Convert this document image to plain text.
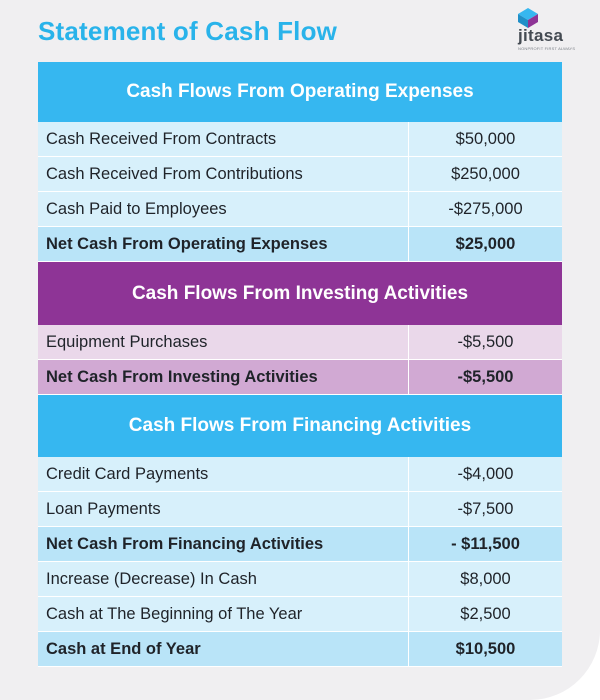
Statement of Cash Flow	jitasa
NONPROFIT FIRST ALWAYS
Cash Flows From Operating Expenses
Cash Received From Contracts	$50,000
Cash Received From Contributions	$250,000
Cash Paid to Employees	-$275,000
Net Cash From Operating Expenses	$25,000
Cash Flows From Investing Activities
Equipment Purchases	-$5,500
Net Cash From Investing Activities	-$5,500
Cash Flows From Financing Activities
Credit Card Payments	-$4,000
Loan Payments	-$7,500
Net Cash From Financing Activities	- $11,500
Increase (Decrease) In Cash	$8,000
Cash at The Beginning of The Year	$2,500
Cash at End of Year	$10,500
